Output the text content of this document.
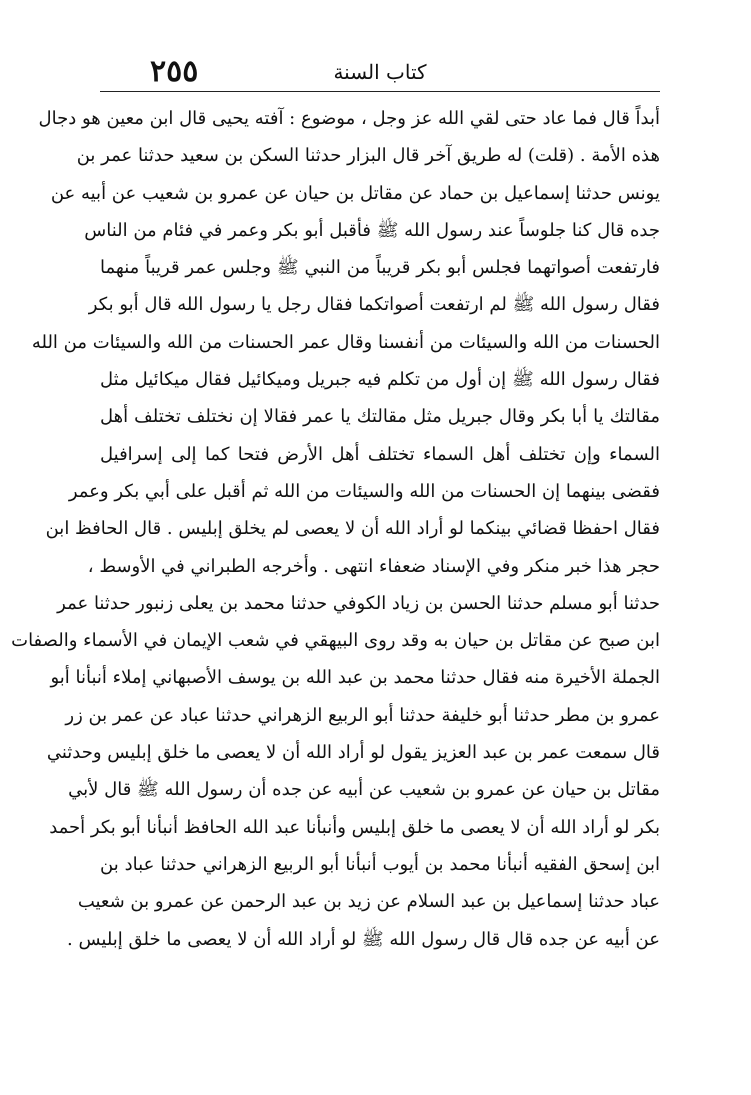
كتاب السنة
٢٥٥
أبداً قال فما عاد حتى لقي الله عز وجل ، موضوع : آفته يحيى قال ابن معين هو دجال
هذه الأمة . (قلت) له طريق آخر قال البزار حدثنا السكن بن سعيد حدثنا عمر بن
يونس حدثنا إسماعيل بن حماد عن مقاتل بن حيان عن عمرو بن شعيب عن أبيه عن
جده قال كنا جلوساً عند رسول الله ﷺ فأقبل أبو بكر وعمر في فئام من الناس
فارتفعت أصواتهما فجلس أبو بكر قريباً من النبي ﷺ وجلس عمر قريباً منهما
فقال رسول الله ﷺ لم ارتفعت أصواتكما فقال رجل يا رسول الله قال أبو بكر
الحسنات من الله والسيئات من أنفسنا وقال عمر الحسنات من الله والسيئات من الله
فقال رسول الله ﷺ إن أول من تكلم فيه جبريل وميكائيل فقال ميكائيل مثل
مقالتك يا أبا بكر وقال جبريل مثل مقالتك يا عمر فقالا إن نختلف تختلف أهل
السماء وإن تختلف أهل السماء تختلف أهل الأرض فتحا كما إلى إسرافيل
فقضى بينهما إن الحسنات من الله والسيئات من الله ثم أقبل على أبي بكر وعمر
فقال احفظا قضائي بينكما لو أراد الله أن لا يعصى لم يخلق إبليس . قال الحافظ ابن
حجر هذا خبر منكر وفي الإسناد ضعفاء انتهى . وأخرجه الطبراني في الأوسط ،
حدثنا أبو مسلم حدثنا الحسن بن زياد الكوفي حدثنا محمد بن يعلى زنبور حدثنا عمر
ابن صبح عن مقاتل بن حيان به وقد روى البيهقي في شعب الإيمان في الأسماء والصفات
الجملة الأخيرة منه فقال حدثنا محمد بن عبد الله بن يوسف الأصبهاني إملاء أنبأنا أبو
عمرو بن مطر حدثنا أبو خليفة حدثنا أبو الربيع الزهراني حدثنا عباد عن عمر بن زر
قال سمعت عمر بن عبد العزيز يقول لو أراد الله أن لا يعصى ما خلق إبليس وحدثني
مقاتل بن حيان عن عمرو بن شعيب عن أبيه عن جده أن رسول الله ﷺ قال لأبي
بكر لو أراد الله أن لا يعصى ما خلق إبليس وأنبأنا عبد الله الحافظ أنبأنا أبو بكر أحمد
ابن إسحق الفقيه أنبأنا محمد بن أيوب أنبأنا أبو الربيع الزهراني حدثنا عباد بن
عباد حدثنا إسماعيل بن عبد السلام عن زيد بن عبد الرحمن عن عمرو بن شعيب
عن أبيه عن جده قال قال رسول الله ﷺ لو أراد الله أن لا يعصى ما خلق إبليس .
